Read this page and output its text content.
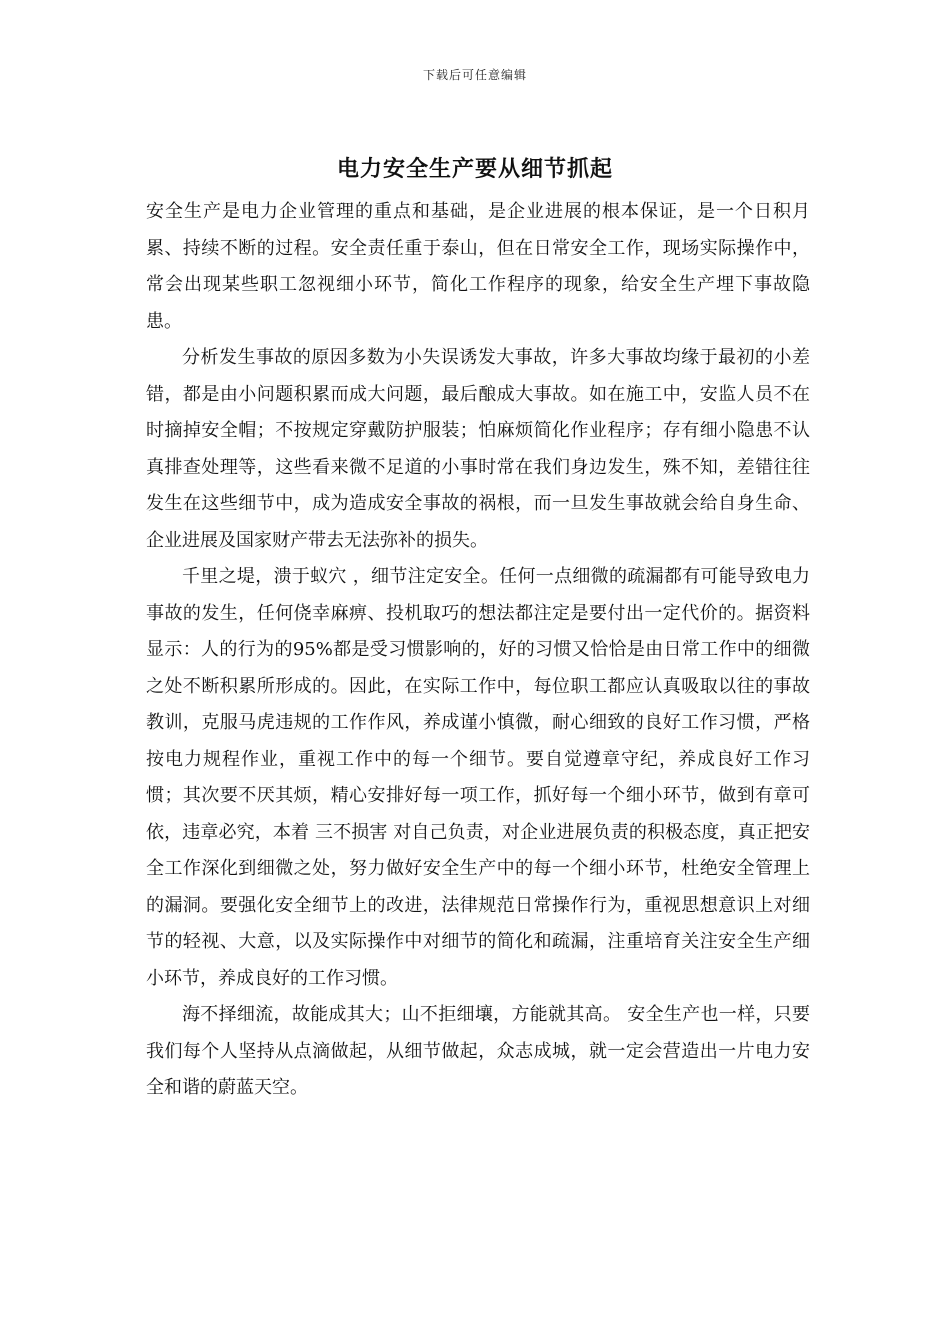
下载后可任意编辑
电力安全生产要从细节抓起

安全生产是电力企业管理的重点和基础，是企业进展的根本保证，是一个日积月累、持续不断的过程。安全责任重于泰山，但在日常安全工作，现场实际操作中，常会出现某些职工忽视细小环节，简化工作程序的现象，给安全生产埋下事故隐患。

分析发生事故的原因多数为小失误诱发大事故，许多大事故均缘于最初的小差错，都是由小问题积累而成大问题，最后酿成大事故。如在施工中，安监人员不在时摘掉安全帽；不按规定穿戴防护服装；怕麻烦简化作业程序；存有细小隐患不认真排查处理等，这些看来微不足道的小事时常在我们身边发生，殊不知，差错往往发生在这些细节中，成为造成安全事故的祸根，而一旦发生事故就会给自身生命、企业进展及国家财产带去无法弥补的损失。

千里之堤，溃于蚁穴 ，细节注定安全。任何一点细微的疏漏都有可能导致电力事故的发生，任何侥幸麻痹、投机取巧的想法都注定是要付出一定代价的。据资料显示：人的行为的95%都是受习惯影响的，好的习惯又恰恰是由日常工作中的细微之处不断积累所形成的。因此，在实际工作中，每位职工都应认真吸取以往的事故教训，克服马虎违规的工作作风，养成谨小慎微，耐心细致的良好工作习惯，严格按电力规程作业，重视工作中的每一个细节。要自觉遵章守纪，养成良好工作习惯；其次要不厌其烦，精心安排好每一项工作，抓好每一个细小环节，做到有章可依，违章必究，本着 三不损害 对自己负责，对企业进展负责的积极态度，真正把安全工作深化到细微之处，努力做好安全生产中的每一个细小环节，杜绝安全管理上的漏洞。要强化安全细节上的改进，法律规范日常操作行为，重视思想意识上对细节的轻视、大意，以及实际操作中对细节的简化和疏漏，注重培育关注安全生产细小环节，养成良好的工作习惯。

海不择细流，故能成其大；山不拒细壤，方能就其高。 安全生产也一样，只要我们每个人坚持从点滴做起，从细节做起，众志成城，就一定会营造出一片电力安全和谐的蔚蓝天空。
